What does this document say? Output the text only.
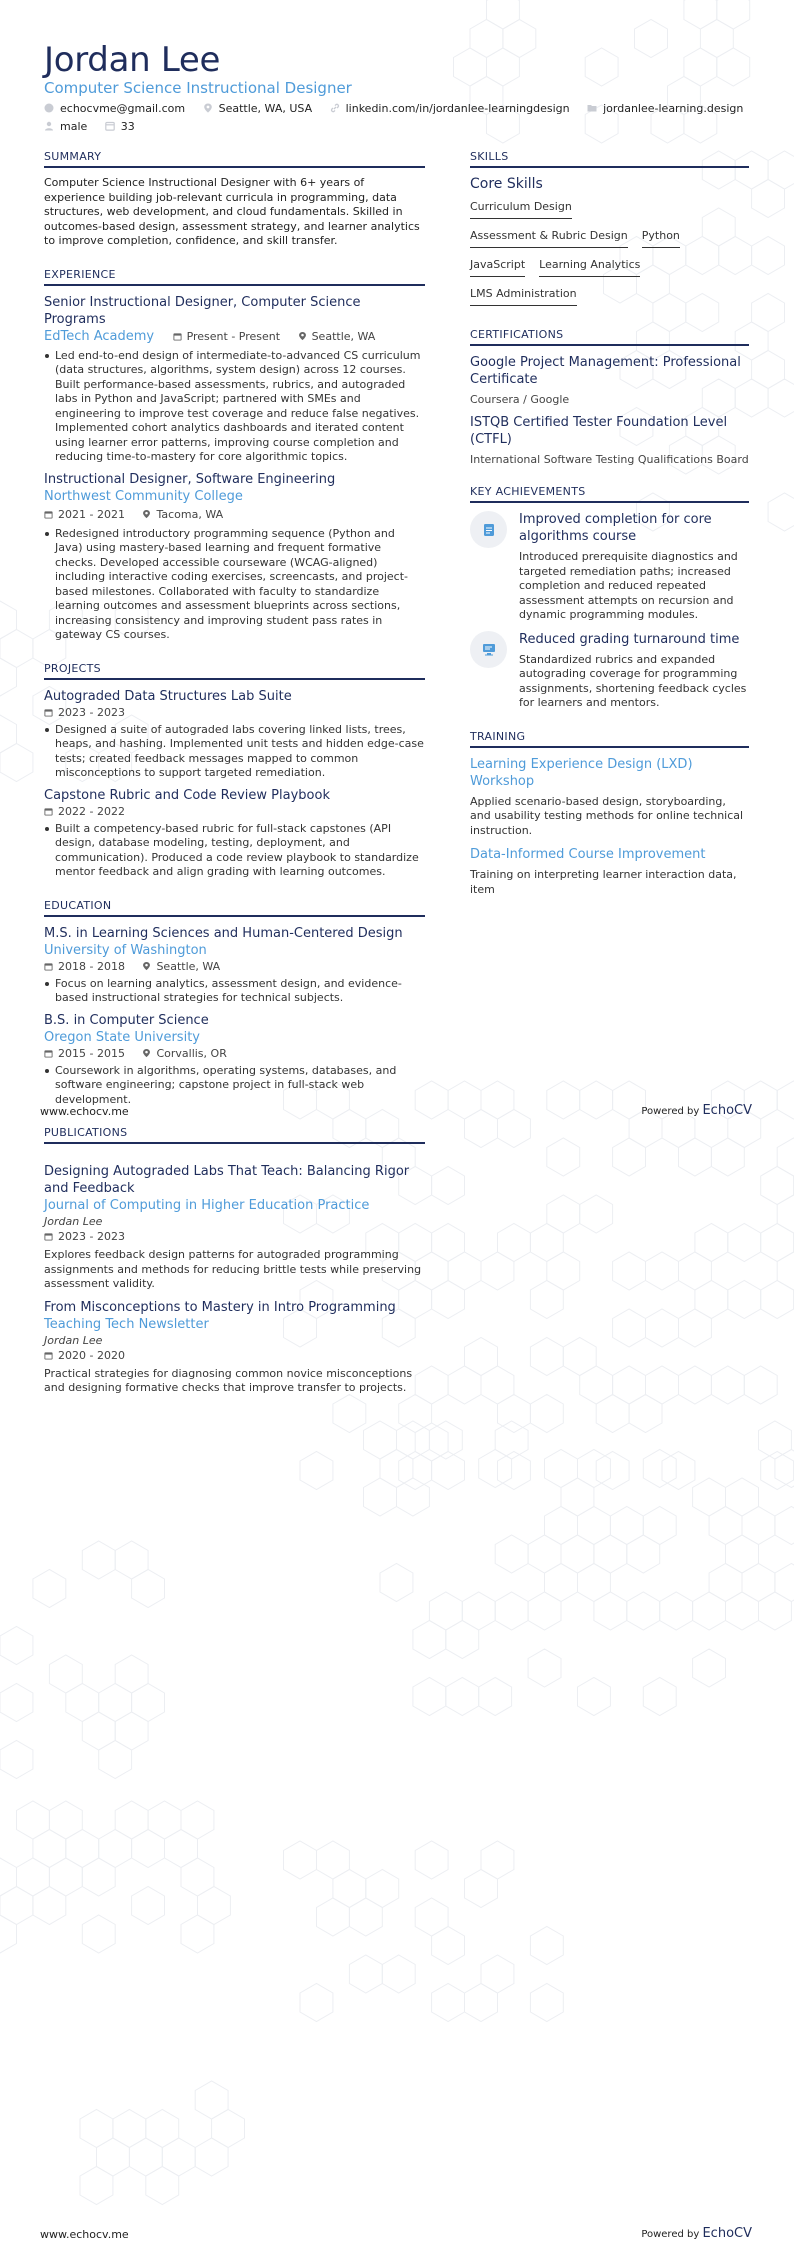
Jordan Lee
Computer Science Instructional Designer
echocvme@gmail.com	Seattle, WA, USA	linkedin.com/in/jordanlee-learningdesign	jordanlee-learning.design male	33
SUMMARY
Computer Science Instructional Designer with 6+ years of experience building job-relevant curricula in programming, data structures, web development, and cloud fundamentals. Skilled in outcomes-based design, assessment strategy, and learner analytics to improve completion, confidence, and skill transfer.
EXPERIENCE
Senior Instructional Designer, Computer Science Programs
EdTech Academy	Present - Present	Seattle, WA
Led end-to-end design of intermediate-to-advanced CS curriculum (data structures, algorithms, system design) across 12 courses. Built performance-based assessments, rubrics, and autograded labs in Python and JavaScript; partnered with SMEs and engineering to improve test coverage and reduce false negatives. Implemented cohort analytics dashboards and iterated content using learner error patterns, improving course completion and reducing time-to-mastery for core algorithmic topics.
Instructional Designer, Software Engineering
Northwest Community College 2021 - 2021	Tacoma, WA
Redesigned introductory programming sequence (Python and Java) using mastery-based learning and frequent formative checks. Developed accessible courseware (WCAG-aligned) including interactive coding exercises, screencasts, and project-based milestones. Collaborated with faculty to standardize learning outcomes and assessment blueprints across sections, increasing consistency and improving student pass rates in gateway CS courses.
PROJECTS
Autograded Data Structures Lab Suite
2023 - 2023
Designed a suite of autograded labs covering linked lists, trees, heaps, and hashing. Implemented unit tests and hidden edge-case tests; created feedback messages mapped to common misconceptions to support targeted remediation.
Capstone Rubric and Code Review Playbook
2022 - 2022
Built a competency-based rubric for full-stack capstones (API design, database modeling, testing, deployment, and communication). Produced a code review playbook to standardize mentor feedback and align grading with learning outcomes.
EDUCATION
M.S. in Learning Sciences and Human-Centered Design
University of Washington
2018 - 2018	Seattle, WA
Focus on learning analytics, assessment design, and evidence-based instructional strategies for technical subjects.
B.S. in Computer Science
Oregon State University
2015 - 2015	Corvallis, OR
Coursework in algorithms, operating systems, databases, and software engineering; capstone project in full-stack web development.
PUBLICATIONS
SKILLS
Core Skills
Curriculum Design
Assessment & Rubric Design Python
JavaScript Learning Analytics
LMS Administration
CERTIFICATIONS
Google Project Management: Professional Certificate
Coursera / Google
ISTQB Certified Tester Foundation Level (CTFL)
International Software Testing Qualifications Board
KEY ACHIEVEMENTS
Improved completion for core algorithms course
Introduced prerequisite diagnostics and targeted remediation paths; increased completion and reduced repeated assessment attempts on recursion and dynamic programming modules.
Reduced grading turnaround time
Standardized rubrics and expanded autograding coverage for programming assignments, shortening feedback cycles for learners and mentors.
TRAINING
Learning Experience Design (LXD) Workshop
Applied scenario-based design, storyboarding, and usability testing methods for online technical instruction.
Data-Informed Course Improvement
Training on interpreting learner interaction data, item
www.echocv.me	Powered by EchoCV
Designing Autograded Labs That Teach: Balancing Rigor and Feedback
Journal of Computing in Higher Education Practice
Jordan Lee
2023 - 2023
Explores feedback design patterns for autograded programming assignments and methods for reducing brittle tests while preserving assessment validity.
From Misconceptions to Mastery in Intro Programming
Teaching Tech Newsletter
Jordan Lee
2020 - 2020
Practical strategies for diagnosing common novice misconceptions and designing formative checks that improve transfer to projects.
www.echocv.me	Powered by EchoCV
